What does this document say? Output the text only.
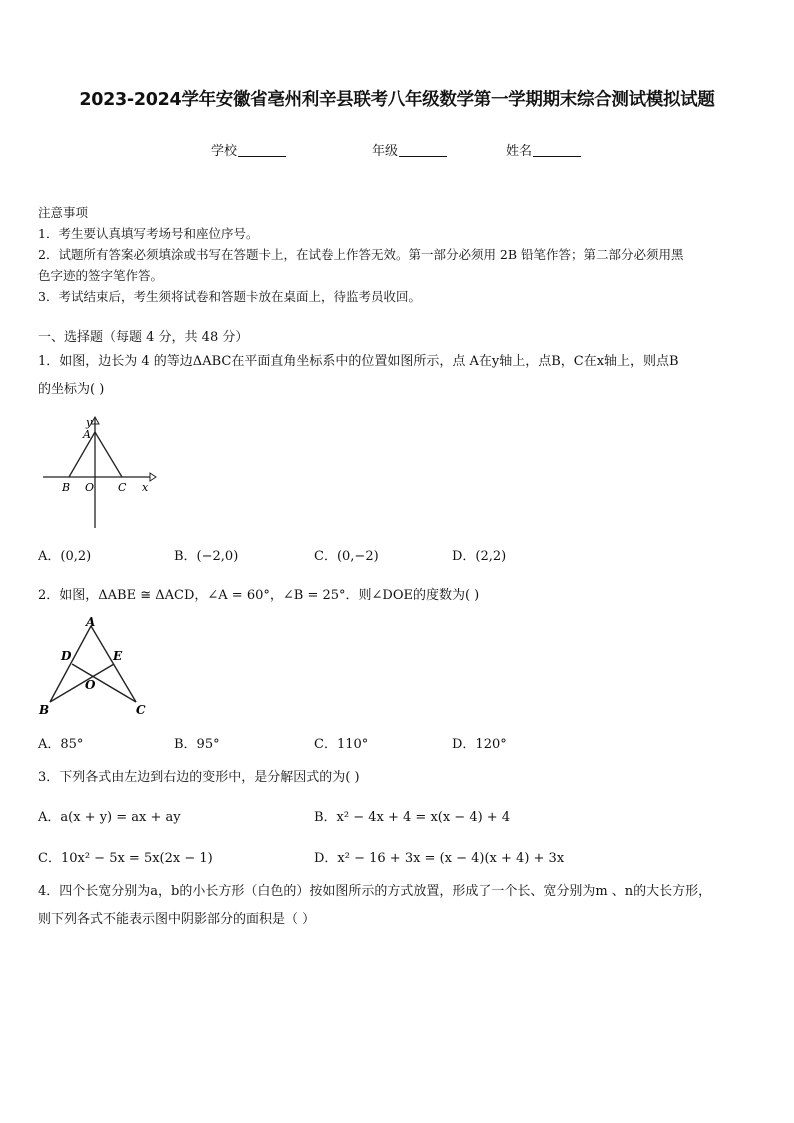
2023-2024学年安徽省亳州利辛县联考八年级数学第一学期期末综合测试模拟试题
学校	年级	姓名
注意事项
1．考生要认真填写考场号和座位序号。
2．试题所有答案必须填涂或书写在答题卡上，在试卷上作答无效。第一部分必须用 2B 铅笔作答；第二部分必须用黑
色字迹的签字笔作答。
3．考试结束后，考生须将试卷和答题卡放在桌面上，待监考员收回。
一、选择题（每题 4 分，共 48 分）
1．如图，边长为 4 的等边ΔABC在平面直角坐标系中的位置如图所示，点 A在y轴上，点B，C在x轴上，则点B
的坐标为( )
y
A
B O C x
A．(0,2)	B．(−2,0)	C．(0,−2)	D．(2,2)
2．如图，ΔABE ≅ ΔACD，∠A = 60°，∠B = 25°．则∠DOE的度数为( )
A
D	E
O
B	C
A．85°	B．95°	C．110°	D．120°
3．下列各式由左边到右边的变形中，是分解因式的为( )
A．a(x + y) = ax + ay	B．x² − 4x + 4 = x(x − 4) + 4
C．10x² − 5x = 5x(2x − 1)	D．x² − 16 + 3x = (x − 4)(x + 4) + 3x
4．四个长宽分别为a，b的小长方形（白色的）按如图所示的方式放置，形成了一个长、宽分别为m 、n的大长方形，
则下列各式不能表示图中阴影部分的面积是（ ）
